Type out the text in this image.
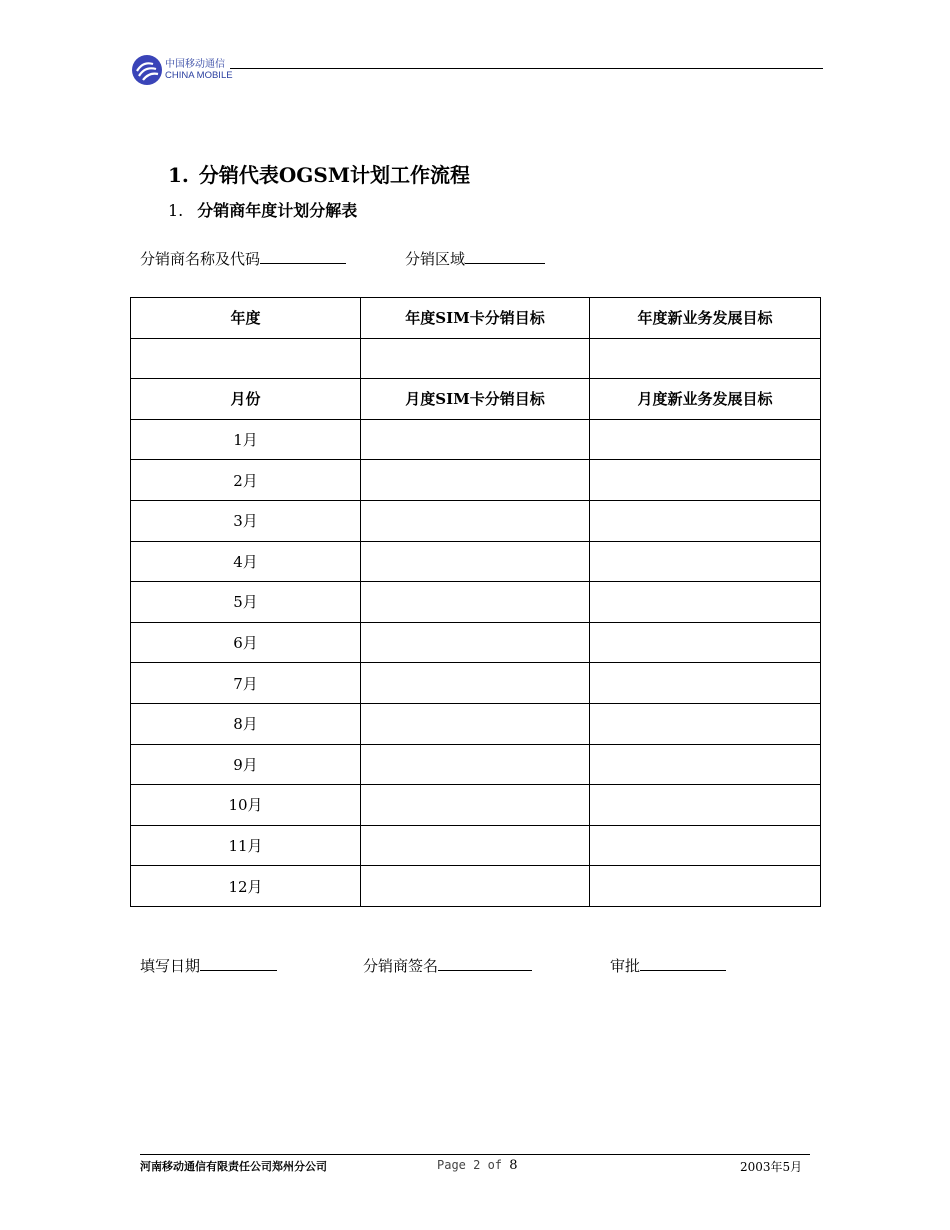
中国移动通信
CHINA MOBILE
1. 分销代表OGSM计划工作流程
1. 分销商年度计划分解表
分销商名称及代码	分销区域
年度	年度SIM卡分销目标	年度新业务发展目标

月份	月度SIM卡分销目标	月度新业务发展目标
1月		
2月		
3月		
4月		
5月		
6月		
7月		
8月		
9月		
10月		
11月		
12月		
填写日期	分销商签名	审批
河南移动通信有限责任公司郑州分公司	Page 2 of 8	2003年5月
